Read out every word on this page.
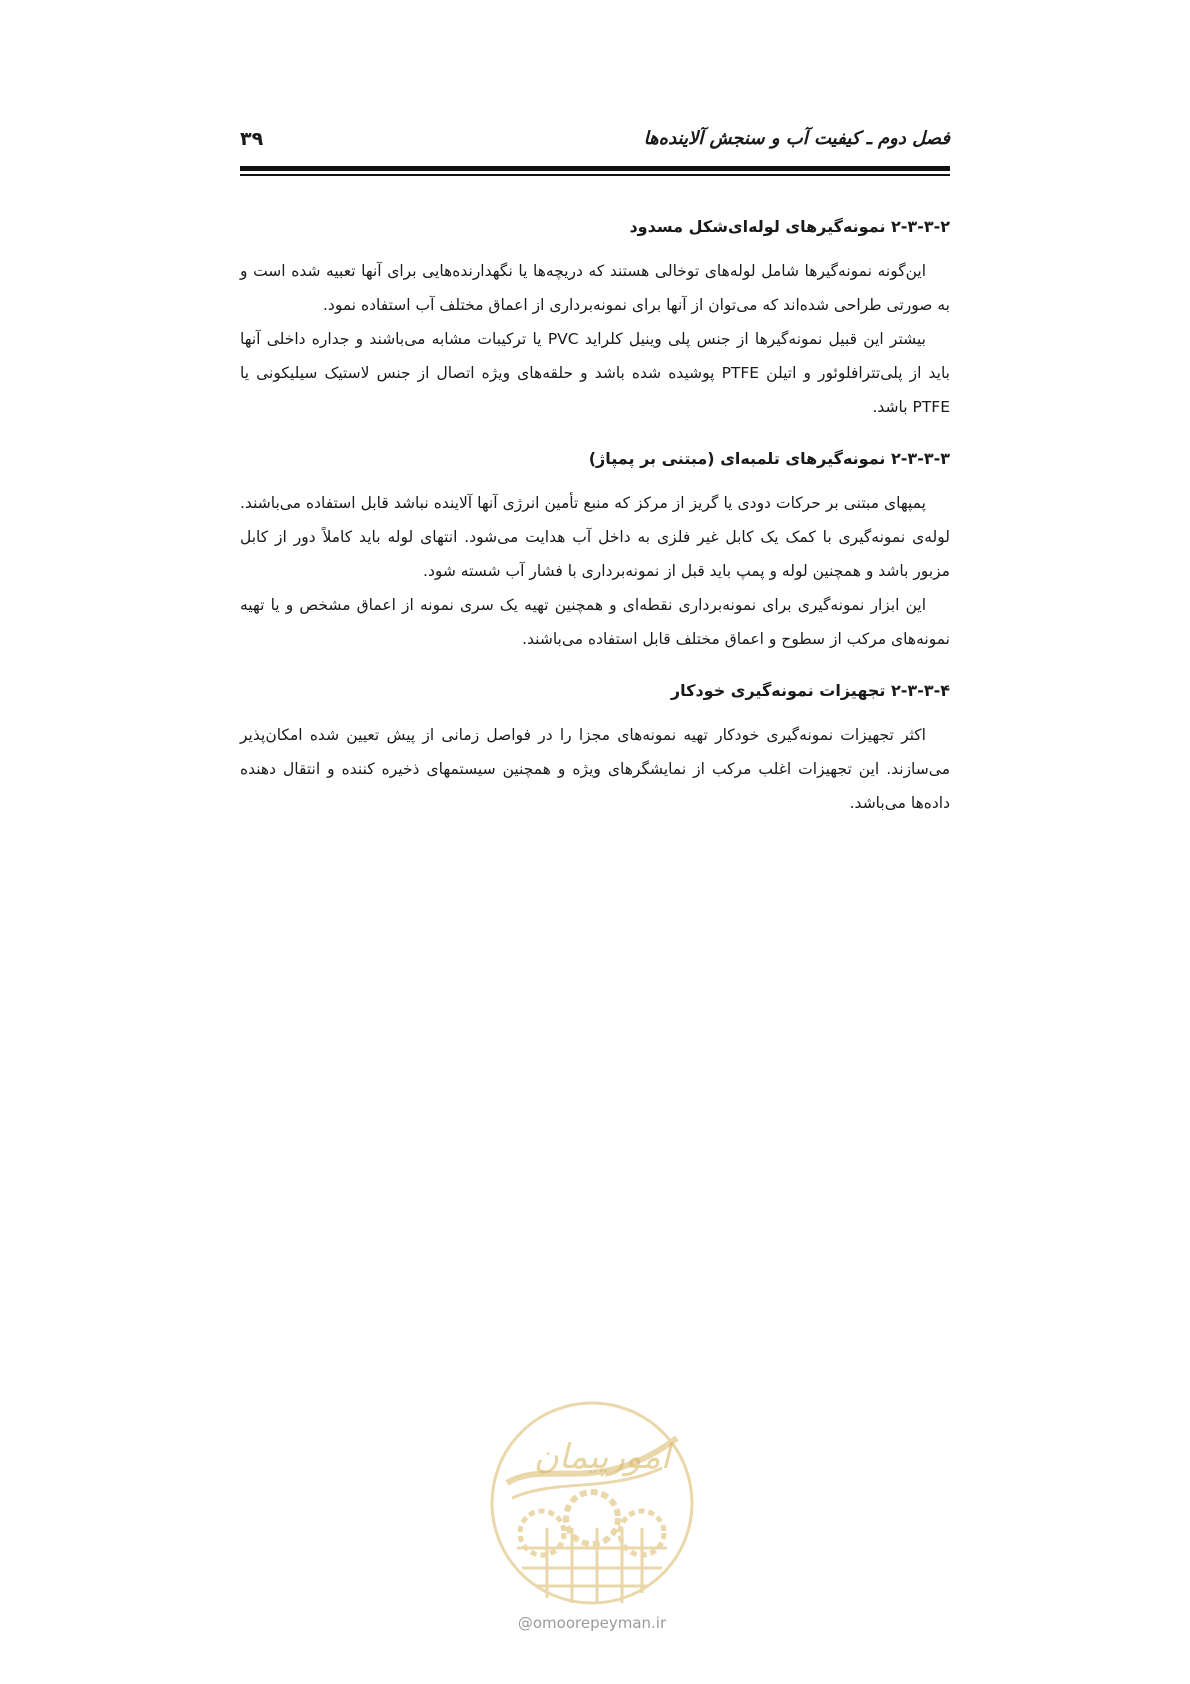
فصل دوم ـ کیفیت آب و سنجش آلاینده‌ها
۳۹
۲-۳-۳-۲ نمونه‌گیرهای لوله‌ای‌شکل مسدود

این‌گونه نمونه‌گیرها شامل لوله‌های توخالی هستند که دریچه‌ها یا نگهدارنده‌هایی برای آنها تعبیه شده است و به صورتی طراحی شده‌اند که می‌توان از آنها برای نمونه‌برداری از اعماق مختلف آب استفاده نمود.

بیشتر این قبیل نمونه‌گیرها از جنس پلی وینیل کلراید PVC یا ترکیبات مشابه می‌باشند و جداره داخلی آنها باید از پلی‌تترافلوئور و اتیلن PTFE پوشیده شده باشد و حلقه‌های ویژه اتصال از جنس لاستیک سیلیکونی یا PTFE باشد.

۲-۳-۳-۳ نمونه‌گیرهای تلمبه‌ای (مبتنی بر پمپاژ)

پمپهای مبتنی بر حرکات دودی یا گریز از مرکز که منبع تأمین انرژی آنها آلاینده نباشد قابل استفاده می‌باشند. لوله‌ی نمونه‌گیری با کمک یک کابل غیر فلزی به داخل آب هدایت می‌شود. انتهای لوله باید کاملاً دور از کابل مزبور باشد و همچنین لوله و پمپ باید قبل از نمونه‌برداری با فشار آب شسته شود.

این ابزار نمونه‌گیری برای نمونه‌برداری نقطه‌ای و همچنین تهیه یک سری نمونه از اعماق مشخص و یا تهیه نمونه‌های مرکب از سطوح و اعماق مختلف قابل استفاده می‌باشند.

۲-۳-۳-۴ تجهیزات نمونه‌گیری خودکار

اکثر تجهیزات نمونه‌گیری خودکار تهیه نمونه‌های مجزا را در فواصل زمانی از پیش تعیین شده امکان‌پذیر می‌سازند. این تجهیزات اغلب مرکب از نمایشگرهای ویژه و همچنین سیستمهای ذخیره کننده و انتقال دهنده داده‌ها می‌باشد.

امورپیمان
@omoorepeyman.ir
